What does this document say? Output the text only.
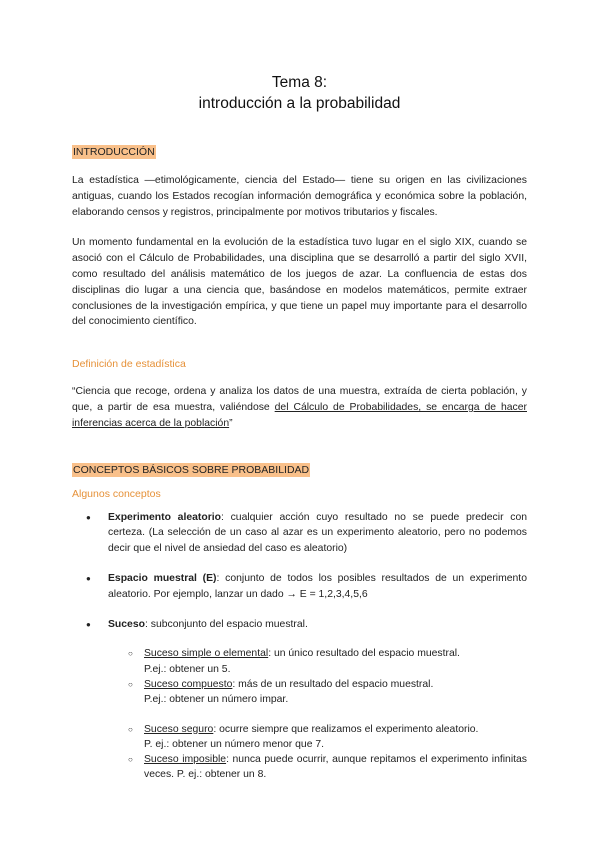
Tema 8:
introducción a la probabilidad
INTRODUCCIÓN

La estadística —etimológicamente, ciencia del Estado— tiene su origen en las civilizaciones antiguas, cuando los Estados recogían información demográfica y económica sobre la población, elaborando censos y registros, principalmente por motivos tributarios y fiscales.

Un momento fundamental en la evolución de la estadística tuvo lugar en el siglo XIX, cuando se asoció con el Cálculo de Probabilidades, una disciplina que se desarrolló a partir del siglo XVII, como resultado del análisis matemático de los juegos de azar. La confluencia de estas dos disciplinas dio lugar a una ciencia que, basándose en modelos matemáticos, permite extraer conclusiones de la investigación empírica, y que tiene un papel muy importante para el desarrollo del conocimiento científico.

Definición de estadística

“Ciencia que recoge, ordena y analiza los datos de una muestra, extraída de cierta población, y que, a partir de esa muestra, valiéndose del Cálculo de Probabilidades, se encarga de hacer inferencias acerca de la población”

CONCEPTOS BÁSICOS SOBRE PROBABILIDAD
Algunos conceptos
● Experimento aleatorio: cualquier acción cuyo resultado no se puede predecir con certeza. (La selección de un caso al azar es un experimento aleatorio, pero no podemos decir que el nivel de ansiedad del caso es aleatorio)
● Espacio muestral (E): conjunto de todos los posibles resultados de un experimento aleatorio. Por ejemplo, lanzar un dado → E = 1,2,3,4,5,6
● Suceso: subconjunto del espacio muestral.
○ Suceso simple o elemental: un único resultado del espacio muestral.
P.ej.: obtener un 5.
○ Suceso compuesto: más de un resultado del espacio muestral.
P.ej.: obtener un número impar.
○ Suceso seguro: ocurre siempre que realizamos el experimento aleatorio.
P. ej.: obtener un número menor que 7.
○ Suceso imposible: nunca puede ocurrir, aunque repitamos el experimento infinitas veces. P. ej.: obtener un 8.
